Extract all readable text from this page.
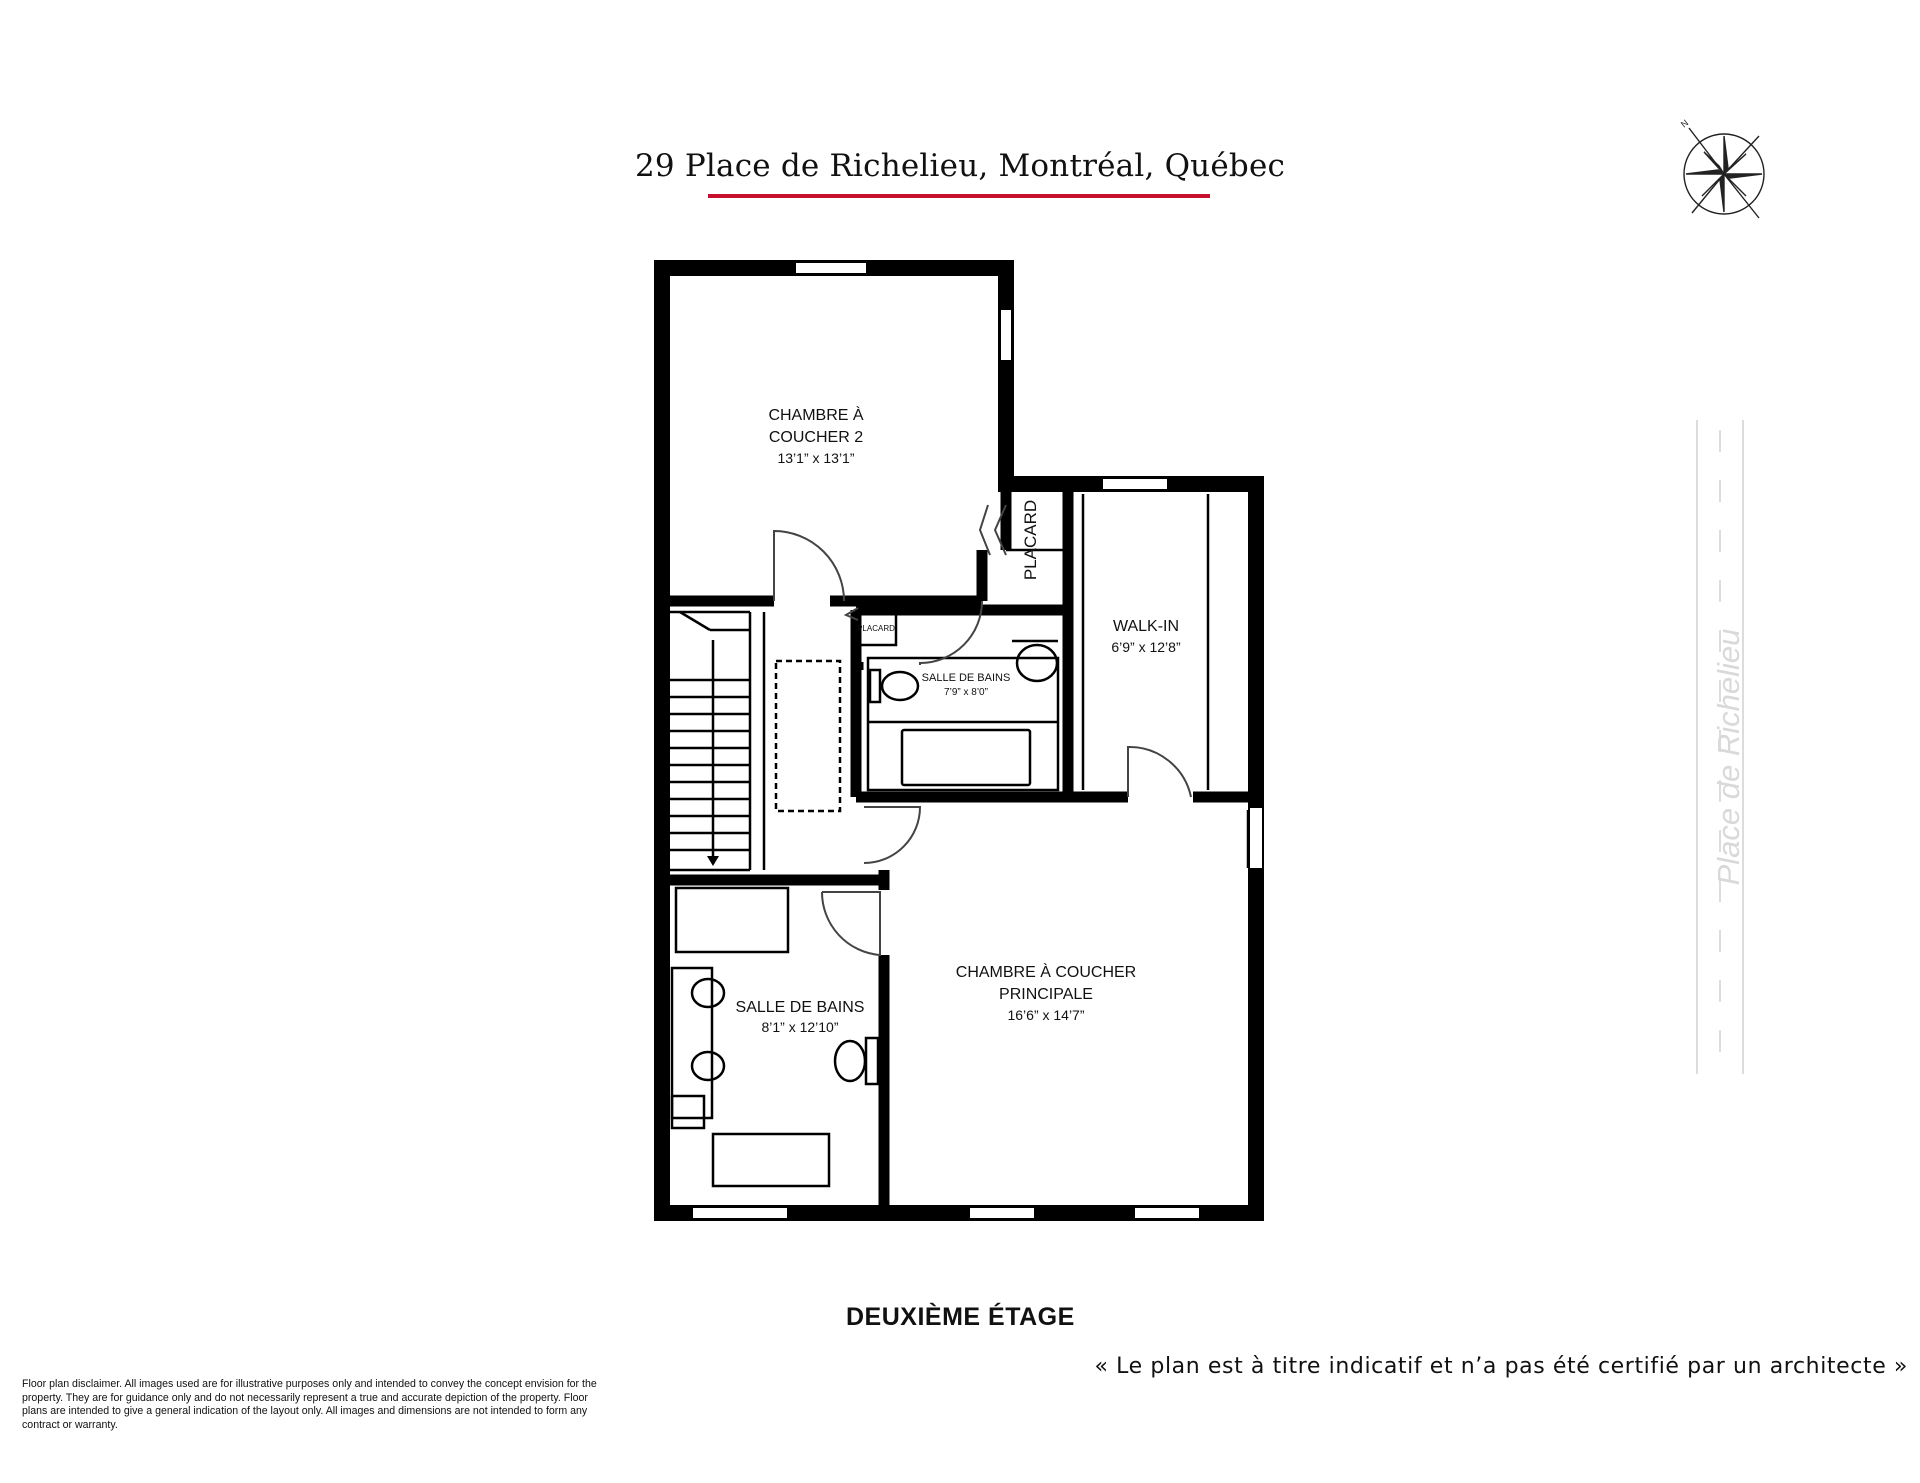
29 Place de Richelieu, Montréal, Québec
CHAMBRE À
COUCHER 2
13’1” x 13’1”
PLACARD
PLACARD
SALLE DE BAINS
7’9” x 8’0”
WALK-IN
6’9” x 12’8”
SALLE DE BAINS
8’1” x 12’10”
CHAMBRE À COUCHER
PRINCIPALE
16’6” x 14’7”
Place de Richelieu
N
DEUXIÈME ÉTAGE
« Le plan est à titre indicatif et n’a pas été certifié par un architecte »
Floor plan disclaimer. All images used are for illustrative purposes only and intended to convey the concept envision for the property. They are for guidance only and do not necessarily represent a true and accurate depiction of the property. Floor plans are intended to give a general indication of the layout only. All images and dimensions are not intended to form any contract or warranty.
